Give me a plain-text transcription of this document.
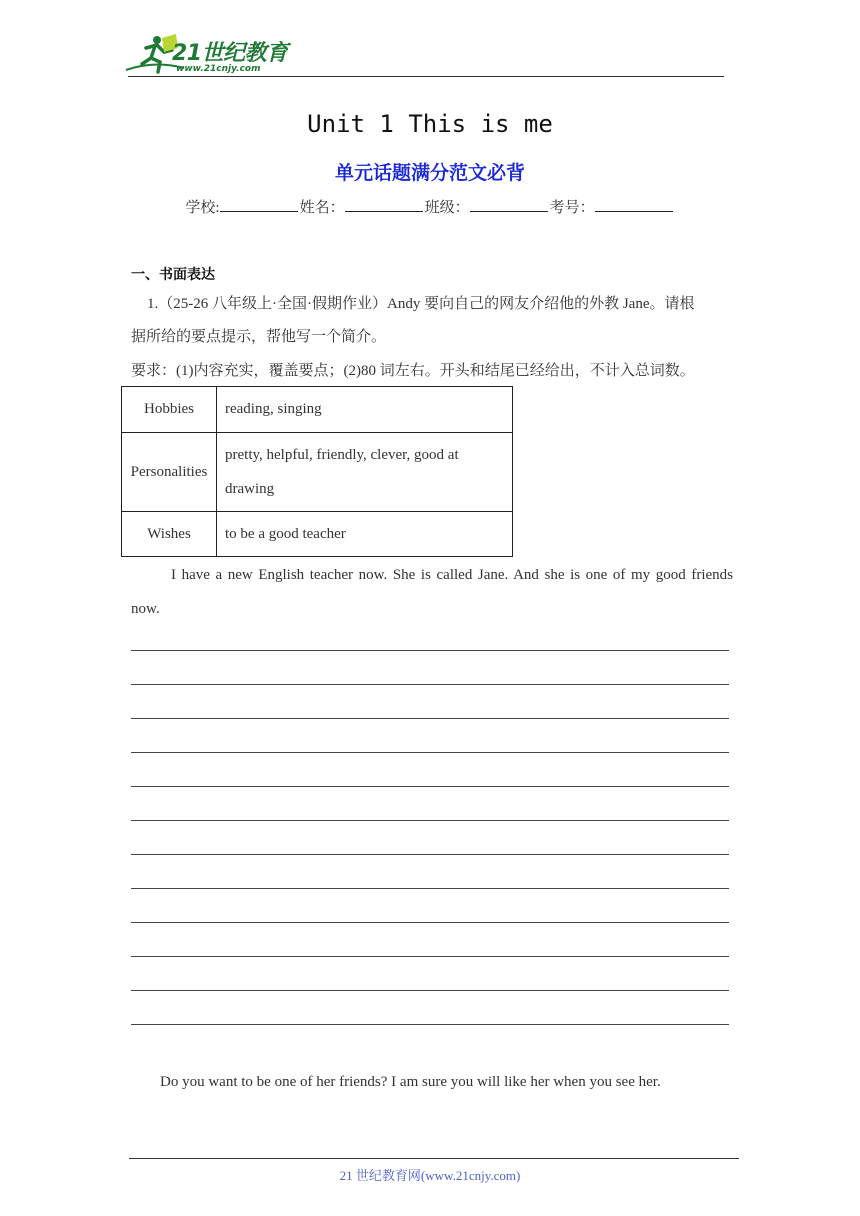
21世纪教育
www.21cnjy.com
Unit 1 This is me
单元话题满分范文必背
学校:	姓名：	班级：	考号：
一、书面表达
1.（25-26 八年级上·全国·假期作业）Andy 要向自己的网友介绍他的外教 Jane。请根
据所给的要点提示，帮他写一个简介。
要求：(1)内容充实，覆盖要点；(2)80 词左右。开头和结尾已经给出，不计入总词数。
Hobbies	reading, singing
Personalities	pretty, helpful, friendly, clever, good at
drawing

Wishes	to be a good teacher
I have a new English teacher now. She is called Jane. And she is one of my good friends
now.
Do you want to be one of her friends? I am sure you will like her when you see her.
21 世纪教育网(www.21cnjy.com)
